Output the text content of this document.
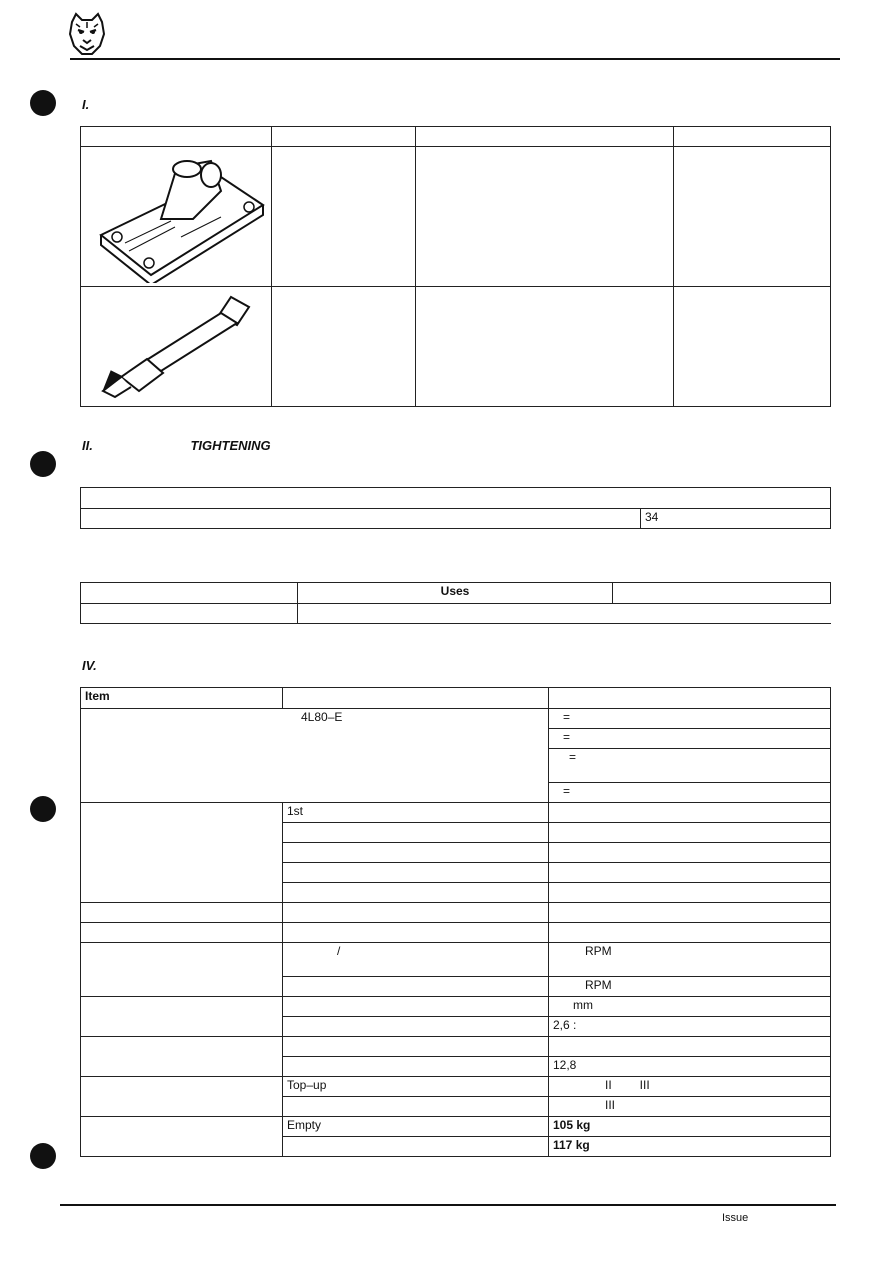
I.

II.	TIGHTENING

	34
	Uses	

IV.
Item		
4L80–E		=
		=
		=
		=
	1st	

	/	RPM
		RPM
		mm
		2,6 :

		12,8
	Top–up	II III
		III
	Empty	105 kg
		117 kg
Issue
